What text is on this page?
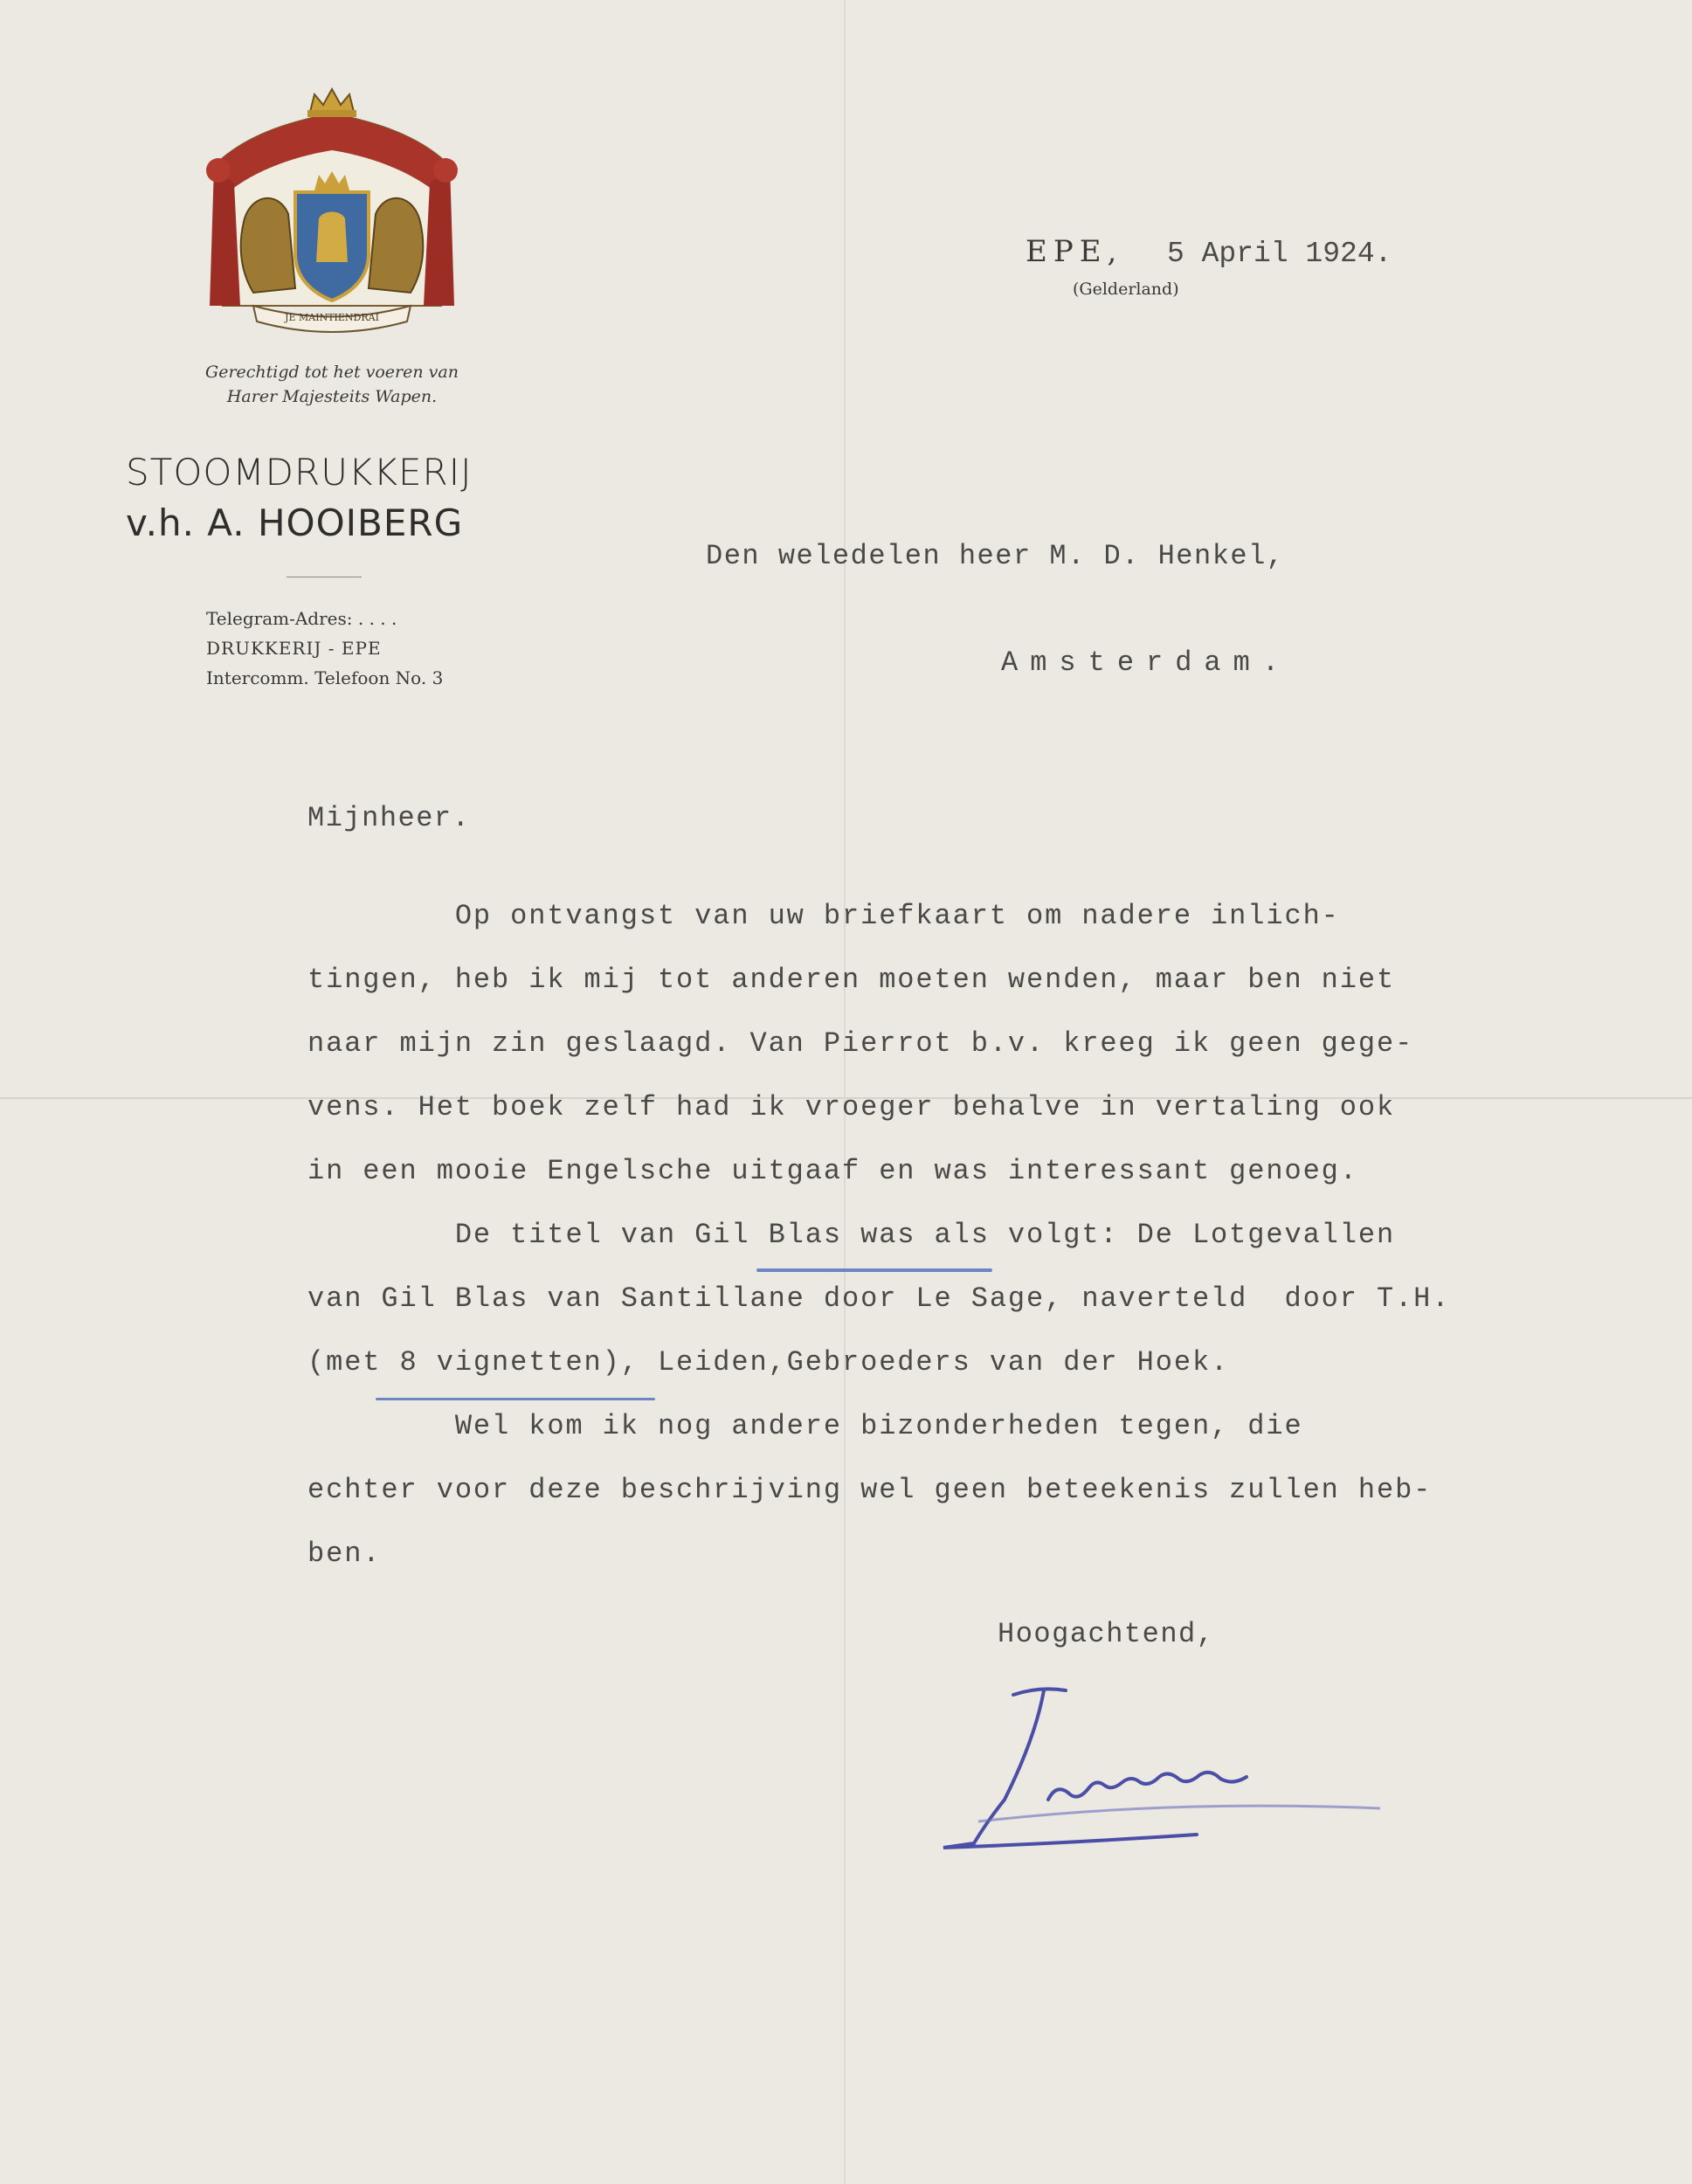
JE MAINTIENDRAI
Gerechtigd tot het voeren van
Harer Majesteits Wapen.
STOOMDRUKKERIJ
v.h. A. HOOIBERG
Telegram-Adres: . . . .
DRUKKERIJ - EPE
Intercomm. Telefoon No. 3
EPE, 5 April 1924.
(Gelderland)
Den weledelen heer M. D. Henkel,
Amsterdam.
Mijnheer.
Op ontvangst van uw briefkaart om nadere inlich-
tingen, heb ik mij tot anderen moeten wenden, maar ben niet
naar mijn zin geslaagd. Van Pierrot b.v. kreeg ik geen gege-
vens. Het boek zelf had ik vroeger behalve in vertaling ook
in een mooie Engelsche uitgaaf en was interessant genoeg.
De titel van Gil Blas was als volgt: De Lotgevallen
van Gil Blas van Santillane door Le Sage, naverteld  door T.H.
(met 8 vignetten), Leiden,Gebroeders van der Hoek.
Wel kom ik nog andere bizonderheden tegen, die
echter voor deze beschrijving wel geen beteekenis zullen heb-
ben.
Hoogachtend,
